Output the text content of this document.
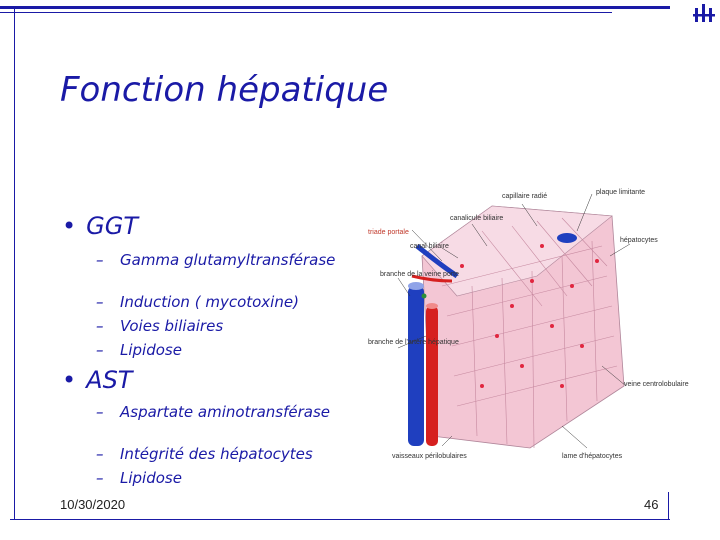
Fonction hépatique
• GGT
– Gamma glutamyltransférase
– Induction ( mycotoxine)
– Voies biliaires
– Lipidose
• AST
– Aspartate aminotransférase
– Intégrité des hépatocytes
– Lipidose
capillaire radié
plaque limitante
canalicule biliaire
triade portale
canal biliaire
hépatocytes
branche de la veine porte
branche de l'artère hépatique
veine centrolobulaire
vaisseaux périlobulaires	lame d'hépatocytes
10/30/2020	46
